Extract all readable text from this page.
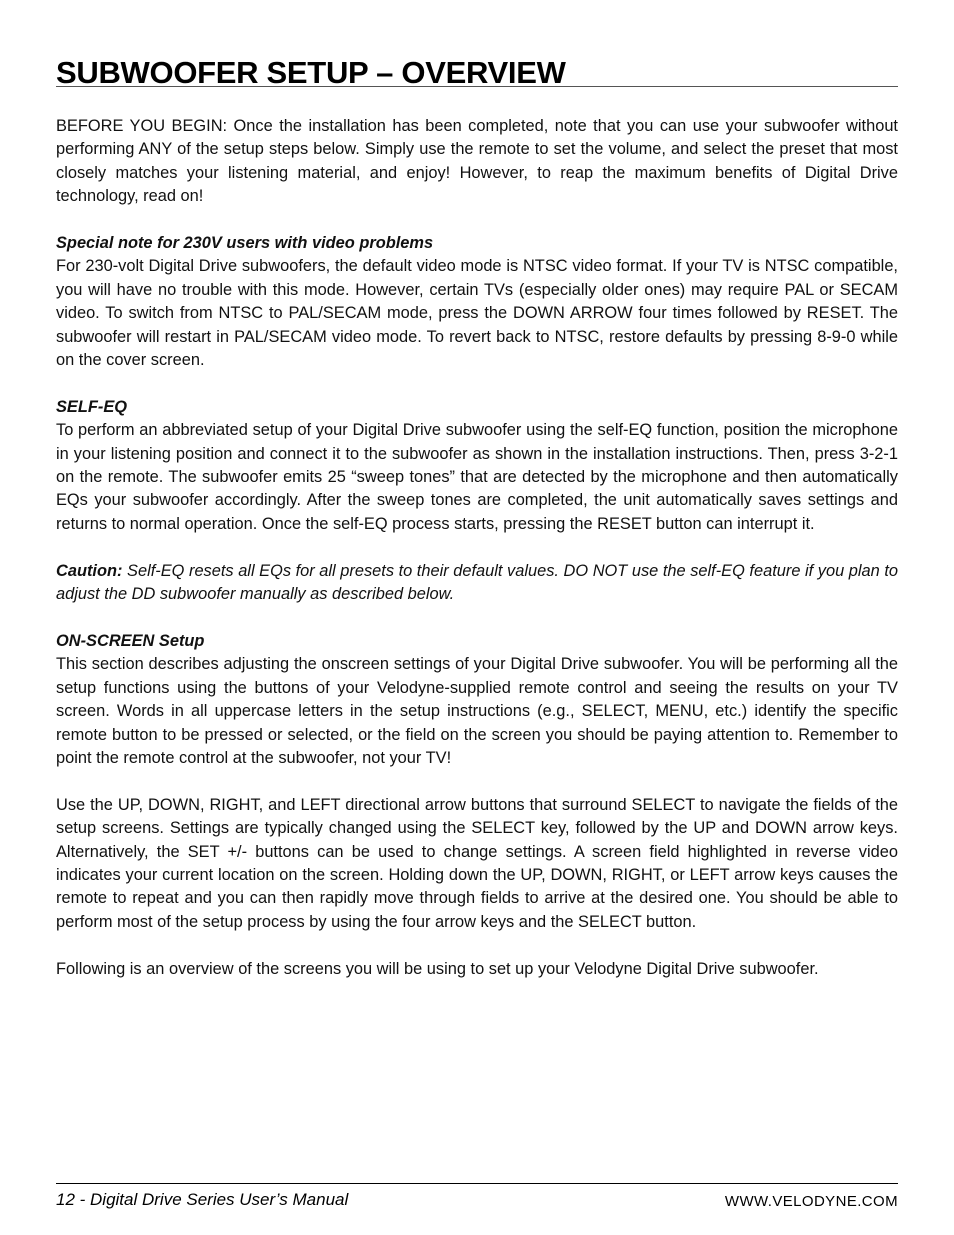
SUBWOOFER SETUP – OVERVIEW

BEFORE YOU BEGIN: Once the installation has been completed, note that you can use your subwoofer without performing ANY of the setup steps below. Simply use the remote to set the volume, and select the preset that most closely matches your listening material, and enjoy! However, to reap the maximum benefits of Digital Drive technology, read on!

Special note for 230V users with video problems

For 230-volt Digital Drive subwoofers, the default video mode is NTSC video format. If your TV is NTSC compatible, you will have no trouble with this mode. However, certain TVs (especially older ones) may require PAL or SECAM video. To switch from NTSC to PAL/SECAM mode, press the DOWN ARROW four times followed by RESET. The subwoofer will restart in PAL/SECAM video mode. To revert back to NTSC, restore defaults by pressing 8-9-0 while on the cover screen.

SELF-EQ

To perform an abbreviated setup of your Digital Drive subwoofer using the self-EQ function, position the microphone in your listening position and connect it to the subwoofer as shown in the installation instructions. Then, press 3-2-1 on the remote. The subwoofer emits 25 “sweep tones” that are detected by the microphone and then automatically EQs your subwoofer accordingly. After the sweep tones are completed, the unit automatically saves settings and returns to normal operation. Once the self-EQ process starts, pressing the RESET button can interrupt it.

Caution: Self-EQ resets all EQs for all presets to their default values. DO NOT use the self-EQ feature if you plan to adjust the DD subwoofer manually as described below.

ON-SCREEN Setup

This section describes adjusting the onscreen settings of your Digital Drive subwoofer. You will be performing all the setup functions using the buttons of your Velodyne-supplied remote control and seeing the results on your TV screen. Words in all uppercase letters in the setup instructions (e.g., SELECT, MENU, etc.) identify the specific remote button to be pressed or selected, or the field on the screen you should be paying attention to. Remember to point the remote control at the subwoofer, not your TV!

Use the UP, DOWN, RIGHT, and LEFT directional arrow buttons that surround SELECT to navigate the fields of the setup screens. Settings are typically changed using the SELECT key, followed by the UP and DOWN arrow keys. Alternatively, the SET +/- buttons can be used to change settings. A screen field highlighted in reverse video indicates your current location on the screen. Holding down the UP, DOWN, RIGHT, or LEFT arrow keys causes the remote to repeat and you can then rapidly move through fields to arrive at the desired one. You should be able to perform most of the setup process by using the four arrow keys and the SELECT button.

Following is an overview of the screens you will be using to set up your Velodyne Digital Drive subwoofer.

12 - Digital Drive Series User’s Manual	WWW.VELODYNE.COM
